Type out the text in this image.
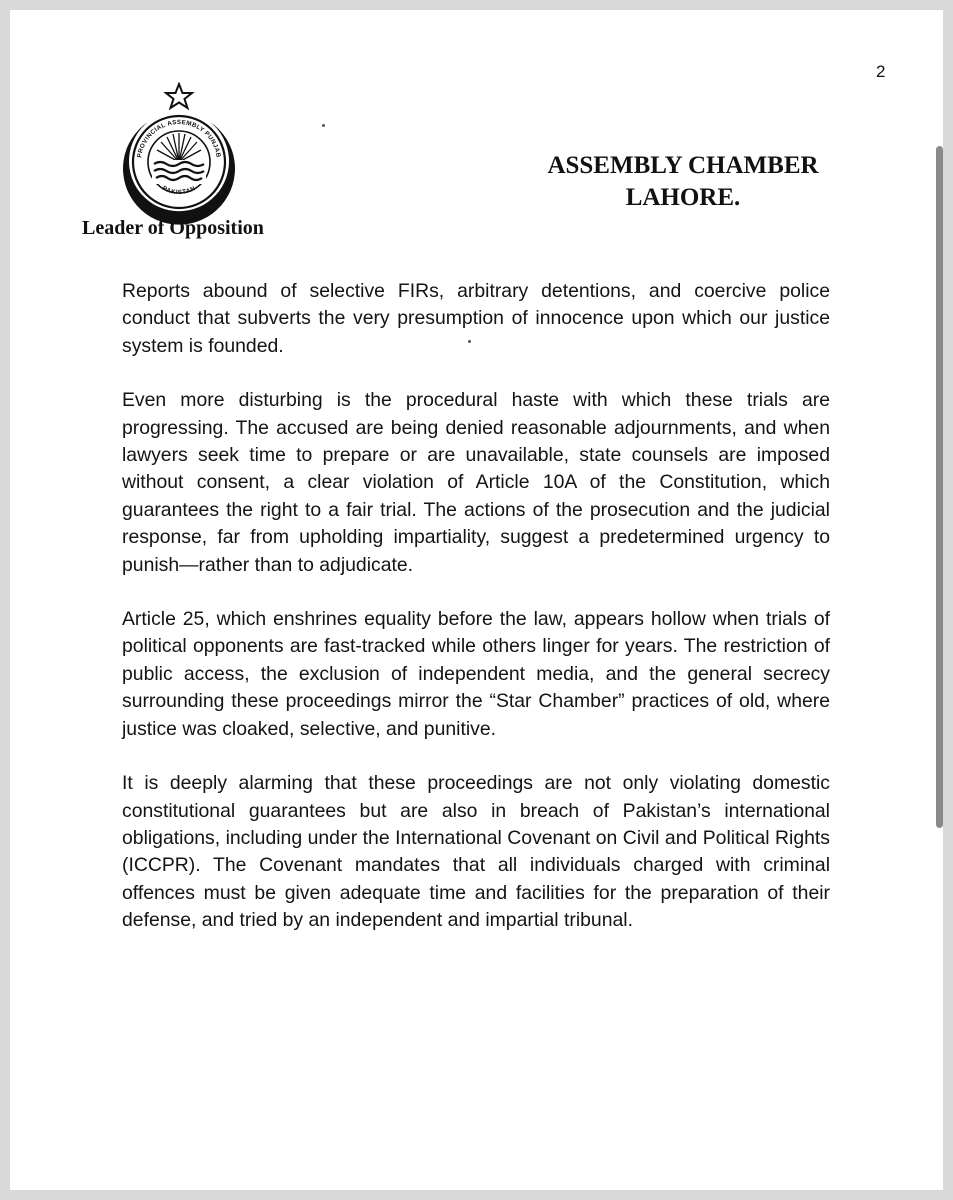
2
PROVINCIAL ASSEMBLY PUNJAB
PAKISTAN
Leader of Opposition
ASSEMBLY CHAMBER
LAHORE.

Reports abound of selective FIRs, arbitrary detentions, and coercive police conduct that subverts the very presumption of innocence upon which our justice system is founded.

Even more disturbing is the procedural haste with which these trials are progressing. The accused are being denied reasonable adjournments, and when lawyers seek time to prepare or are unavailable, state counsels are imposed without consent, a clear violation of Article 10A of the Constitution, which guarantees the right to a fair trial. The actions of the prosecution and the judicial response, far from upholding impartiality, suggest a predetermined urgency to punish—rather than to adjudicate.

Article 25, which enshrines equality before the law, appears hollow when trials of political opponents are fast-tracked while others linger for years. The restriction of public access, the exclusion of independent media, and the general secrecy surrounding these proceedings mirror the “Star Chamber” practices of old, where justice was cloaked, selective, and punitive.

It is deeply alarming that these proceedings are not only violating domestic constitutional guarantees but are also in breach of Pakistan’s international obligations, including under the International Covenant on Civil and Political Rights (ICCPR). The Covenant mandates that all individuals charged with criminal offences must be given adequate time and facilities for the preparation of their defense, and tried by an independent and impartial tribunal.
